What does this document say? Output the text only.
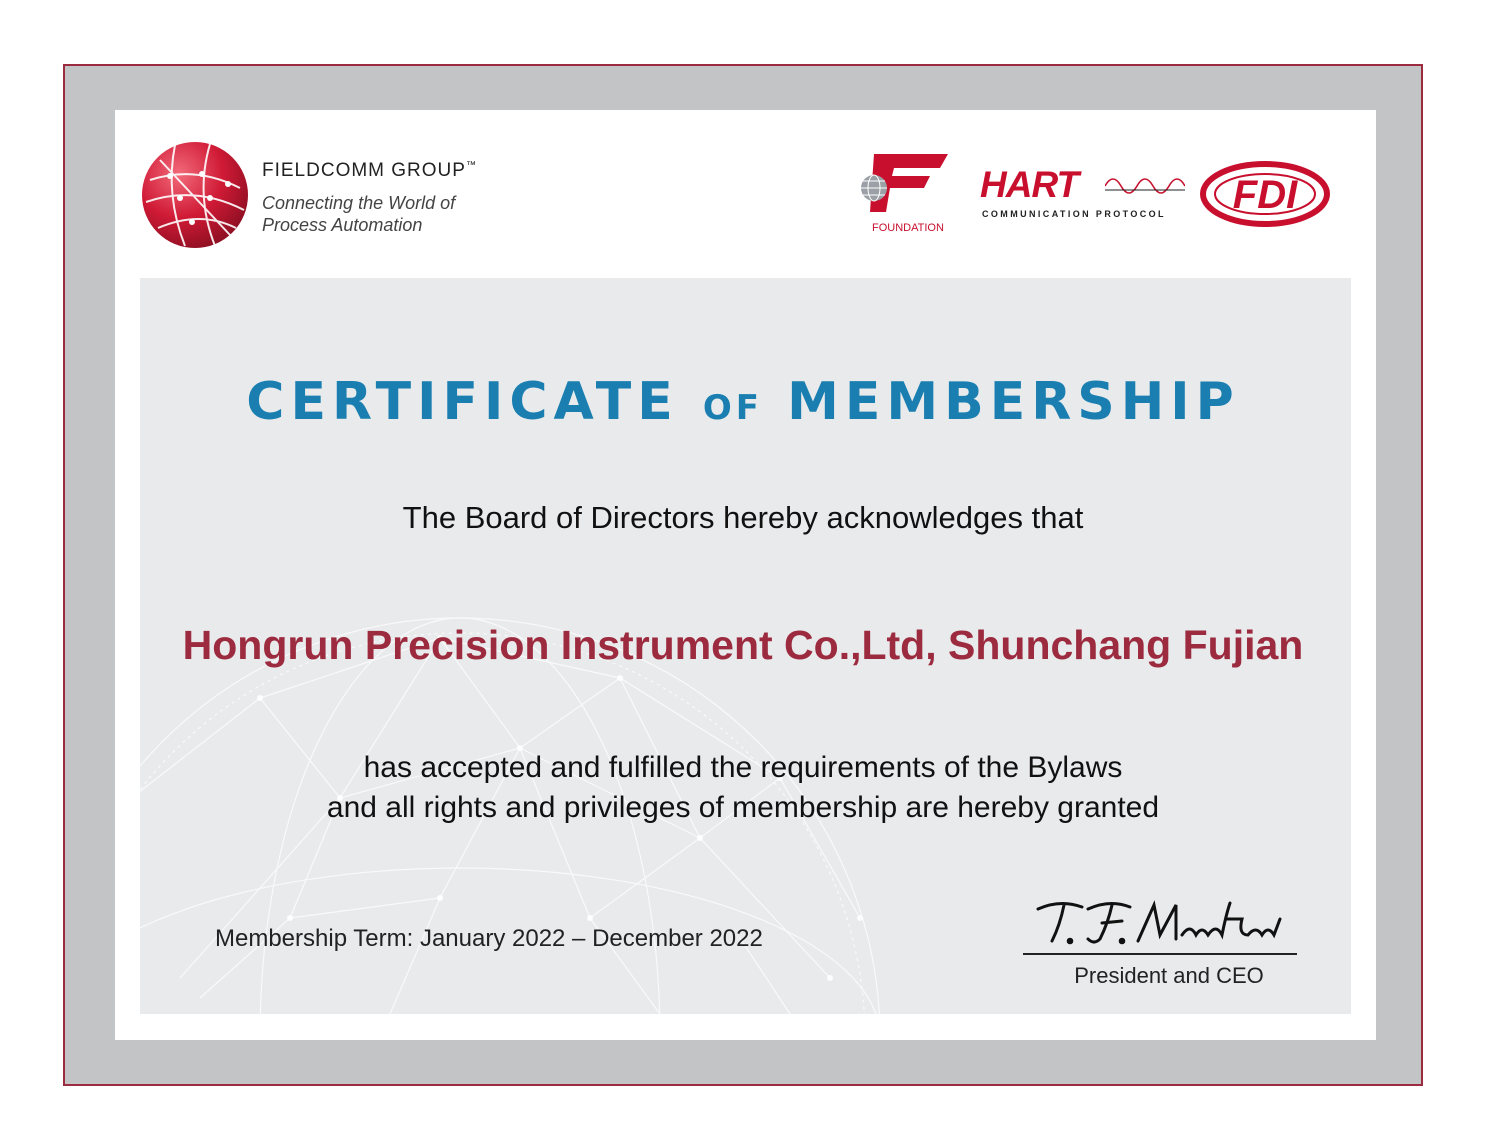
FIELDCOMM GROUP™
Connecting the World of
Process Automation	FOUNDATION
HART
COMMUNICATION PROTOCOL FDI
CERTIFICATE OF MEMBERSHIP
The Board of Directors hereby acknowledges that
Hongrun Precision Instrument Co.,Ltd, Shunchang Fujian
has accepted and fulfilled the requirements of the Bylaws
and all rights and privileges of membership are hereby granted
Membership Term: January 2022 – December 2022
President and CEO
